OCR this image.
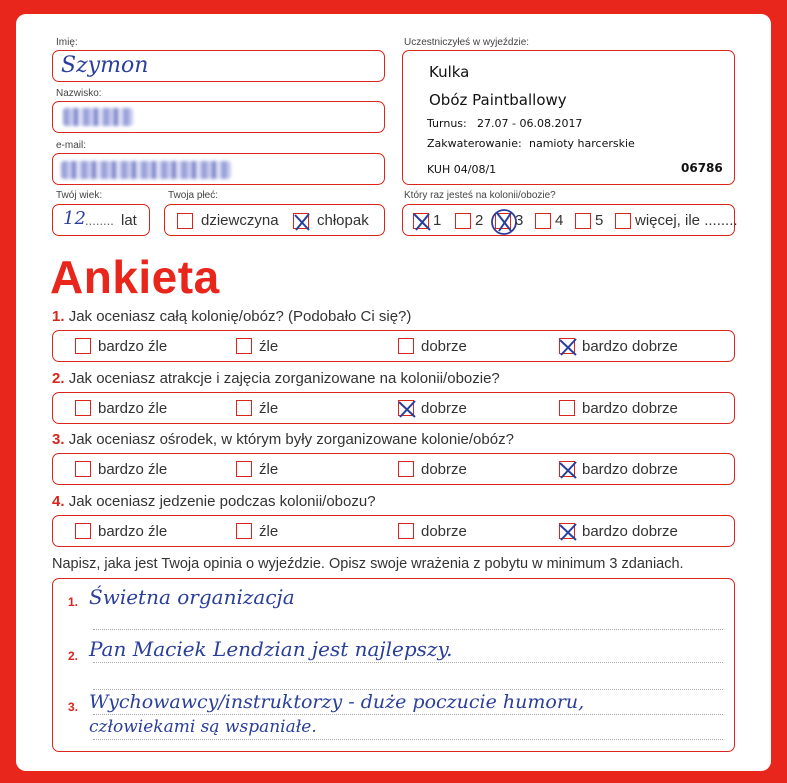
Imię:
Szymon
Nazwisko:
e-mail:
Twój wiek:
12 ........ lat
Twoja płeć:
dziewczyna	chłopak
Uczestniczyłeś w wyjeździe:
Kulka
Obóz Paintballowy
Turnus: 27.07 - 06.08.2017
Zakwaterowanie: namioty harcerskie
KUH 04/08/1	06786
Który raz jesteś na kolonii/obozie?
1 2 3 4 5 więcej, ile ........
Ankieta
1. Jak oceniasz całą kolonię/obóz? (Podobało Ci się?)
bardzo źle	źle	dobrze	bardzo dobrze
2. Jak oceniasz atrakcje i zajęcia zorganizowane na kolonii/obozie?
bardzo źle	źle	dobrze	bardzo dobrze
3. Jak oceniasz ośrodek, w którym były zorganizowane kolonie/obóz?
bardzo źle	źle	dobrze	bardzo dobrze
4. Jak oceniasz jedzenie podczas kolonii/obozu?
bardzo źle	źle	dobrze	bardzo dobrze
Napisz, jaka jest Twoja opinia o wyjeździe. Opisz swoje wrażenia z pobytu w minimum 3 zdaniach.
1.
2.
3.
Świetna organizacja
Pan Maciek Lendzian jest najlepszy.
Wychowawcy/instruktorzy - duże poczucie humoru,
człowiekami są wspaniałe.
